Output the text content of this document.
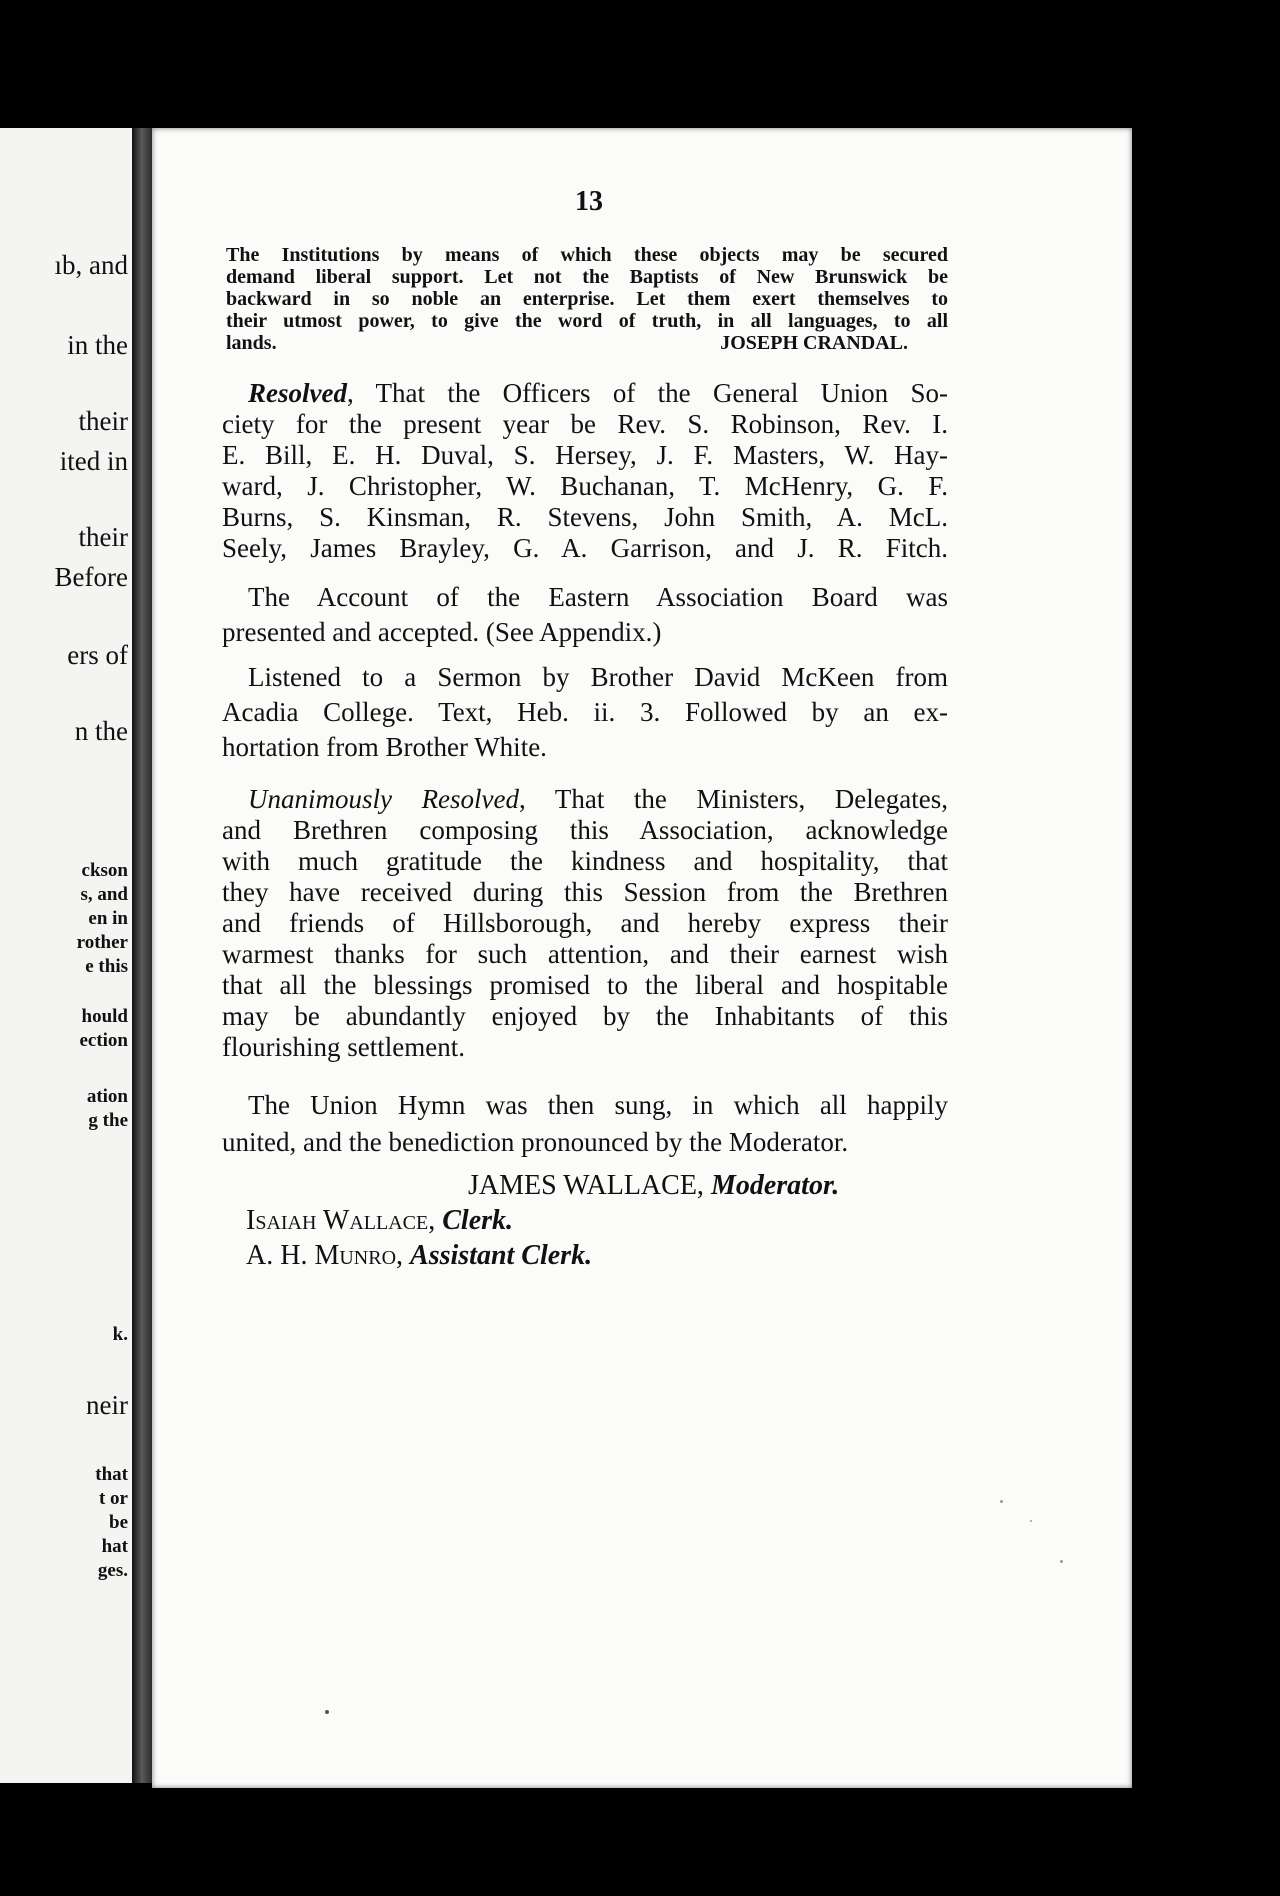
ıb, and
in the
their
ited in
their
Before
ers of
n the
ckson
s, and
en in
rother
e this
hould
ection
ation
g the
k.
neir
that
t or
be
hat
ges.
13
The Institutions by means of which these objects may be secured
demand liberal support. Let not the Baptists of New Brunswick be
backward in so noble an enterprise. Let them exert themselves to
their utmost power, to give the word of truth, in all languages, to all
lands.	JOSEPH CRANDAL.
Resolved, That the Officers of the General Union So-
ciety for the present year be Rev. S. Robinson, Rev. I.
E. Bill, E. H. Duval, S. Hersey, J. F. Masters, W. Hay-
ward, J. Christopher, W. Buchanan, T. McHenry, G. F.
Burns, S. Kinsman, R. Stevens, John Smith, A. McL.
Seely, James Brayley, G. A. Garrison, and J. R. Fitch.
The Account of the Eastern Association Board was
presented and accepted. (See Appendix.)
Listened to a Sermon by Brother David McKeen from
Acadia College. Text, Heb. ii. 3. Followed by an ex-
hortation from Brother White.
Unanimously Resolved, That the Ministers, Delegates,
and Brethren composing this Association, acknowledge
with much gratitude the kindness and hospitality, that
they have received during this Session from the Brethren
and friends of Hillsborough, and hereby express their
warmest thanks for such attention, and their earnest wish
that all the blessings promised to the liberal and hospitable
may be abundantly enjoyed by the Inhabitants of this
flourishing settlement.
The Union Hymn was then sung, in which all happily
united, and the benediction pronounced by the Moderator.
JAMES WALLACE, Moderator.
Isaiah Wallace, Clerk.
A. H. Munro, Assistant Clerk.
